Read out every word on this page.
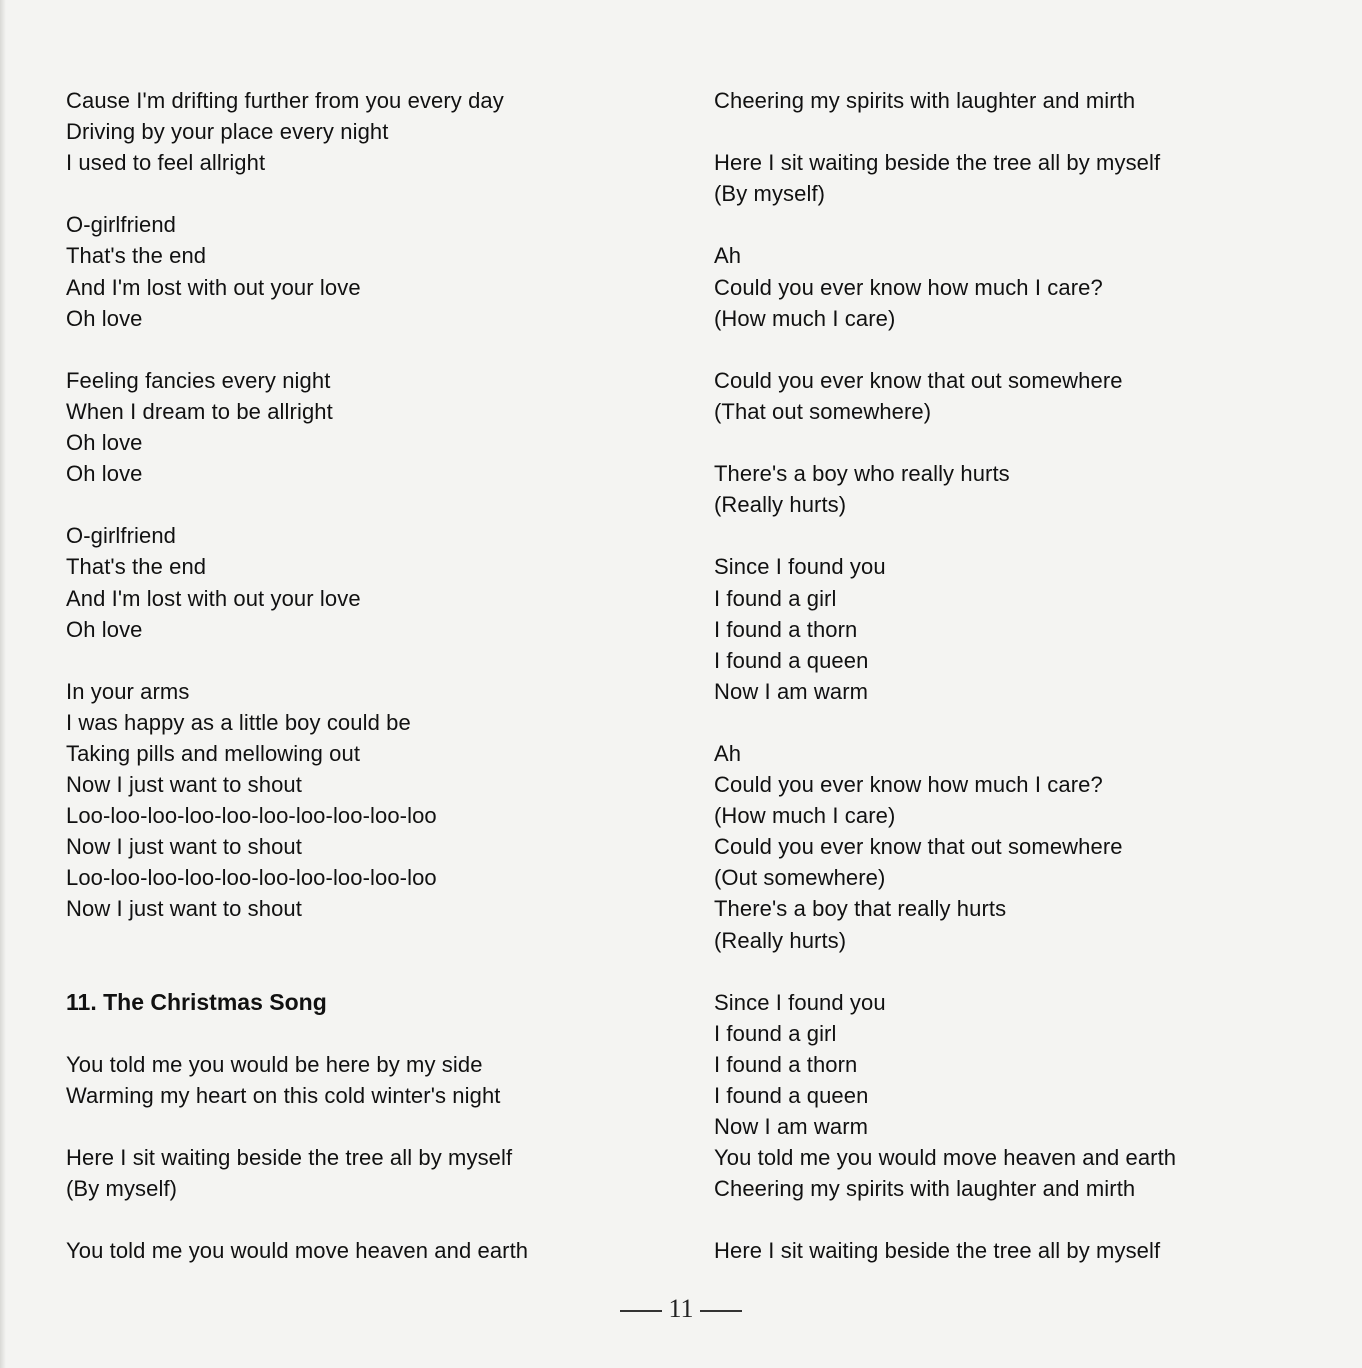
Cause I'm drifting further from you every day
Driving by your place every night
I used to feel allright
O-girlfriend
That's the end
And I'm lost with out your love
Oh love
Feeling fancies every night
When I dream to be allright
Oh love
Oh love
O-girlfriend
That's the end
And I'm lost with out your love
Oh love
In your arms
I was happy as a little boy could be
Taking pills and mellowing out
Now I just want to shout
Loo-loo-loo-loo-loo-loo-loo-loo-loo-loo
Now I just want to shout
Loo-loo-loo-loo-loo-loo-loo-loo-loo-loo
Now I just want to shout
11. The Christmas Song
You told me you would be here by my side
Warming my heart on this cold winter's night
Here I sit waiting beside the tree all by myself
(By myself)
You told me you would move heaven and earth
Cheering my spirits with laughter and mirth
Here I sit waiting beside the tree all by myself
(By myself)
Ah
Could you ever know how much I care?
(How much I care)
Could you ever know that out somewhere
(That out somewhere)
There's a boy who really hurts
(Really hurts)
Since I found you
I found a girl
I found a thorn
I found a queen
Now I am warm
Ah
Could you ever know how much I care?
(How much I care)
Could you ever know that out somewhere
(Out somewhere)
There's a boy that really hurts
(Really hurts)
Since I found you
I found a girl
I found a thorn
I found a queen
Now I am warm
You told me you would move heaven and earth
Cheering my spirits with laughter and mirth
Here I sit waiting beside the tree all by myself
11
